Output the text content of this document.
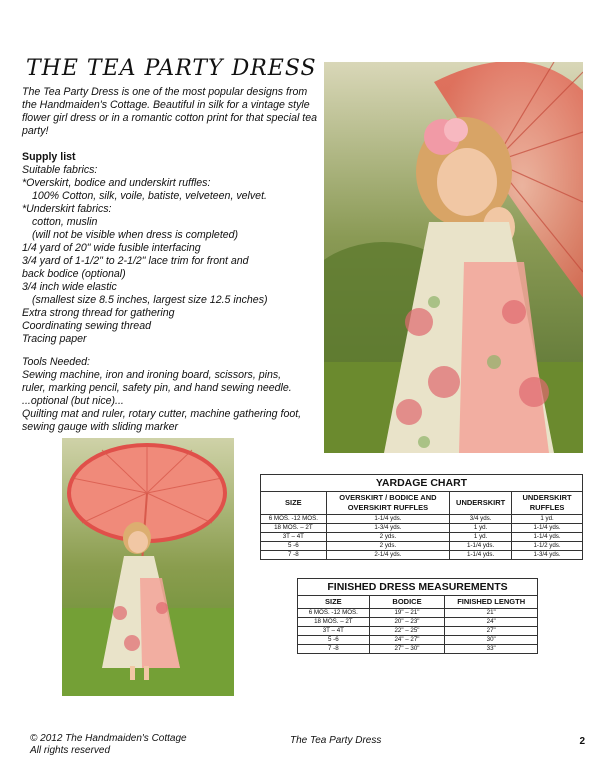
THE TEA PARTY DRESS
The Tea Party Dress is one of the most popular designs from the Handmaiden's Cottage. Beautiful in silk for a vintage style flower girl dress or in a romantic cotton print for that special tea party!
Supply list
Suitable fabrics:
*Overskirt, bodice and underskirt ruffles:
100% Cotton, silk, voile, batiste, velveteen, velvet.
*Underskirt fabrics:
cotton, muslin
(will not be visible when dress is completed)
1/4 yard of 20" wide fusible interfacing
3/4 yard of 1-1/2" to 2-1/2" lace trim for front and
back bodice (optional)
3/4 inch wide elastic
(smallest size 8.5 inches, largest size 12.5 inches)
Extra strong thread for gathering
Coordinating sewing thread
Tracing paper
Tools Needed:
Sewing machine, iron and ironing board, scissors, pins,
ruler, marking pencil, safety pin, and hand sewing needle.
...optional (but nice)...
Quilting mat and ruler, rotary cutter, machine gathering foot,
sewing gauge with sliding marker
YARDAGE CHART
SIZE	OVERSKIRT / BODICE AND OVERSKIRT RUFFLES	UNDERSKIRT	UNDERSKIRT RUFFLES
6 MOS. -12 MOS.	1-1/4 yds.	3/4 yds.	1 yd.
18 MOS. – 2T	1-3/4 yds.	1 yd.	1-1/4 yds.
3T – 4T	2 yds.	1 yd.	1-1/4 yds.
5 -6	2 yds.	1-1/4 yds.	1-1/2 yds.
7 -8	2-1/4 yds.	1-1/4 yds.	1-3/4 yds.
FINISHED DRESS MEASUREMENTS
SIZE	BODICE	FINISHED LENGTH
6 MOS. -12 MOS.	19" – 21"	21"
18 MOS. – 2T	20" – 23"	24"
3T – 4T	22" – 25"	27"
5 -6	24" – 27"	30"
7 -8	27" – 30"	33"
© 2012 The Handmaiden's Cottage
All rights reserved
The Tea Party Dress	2
